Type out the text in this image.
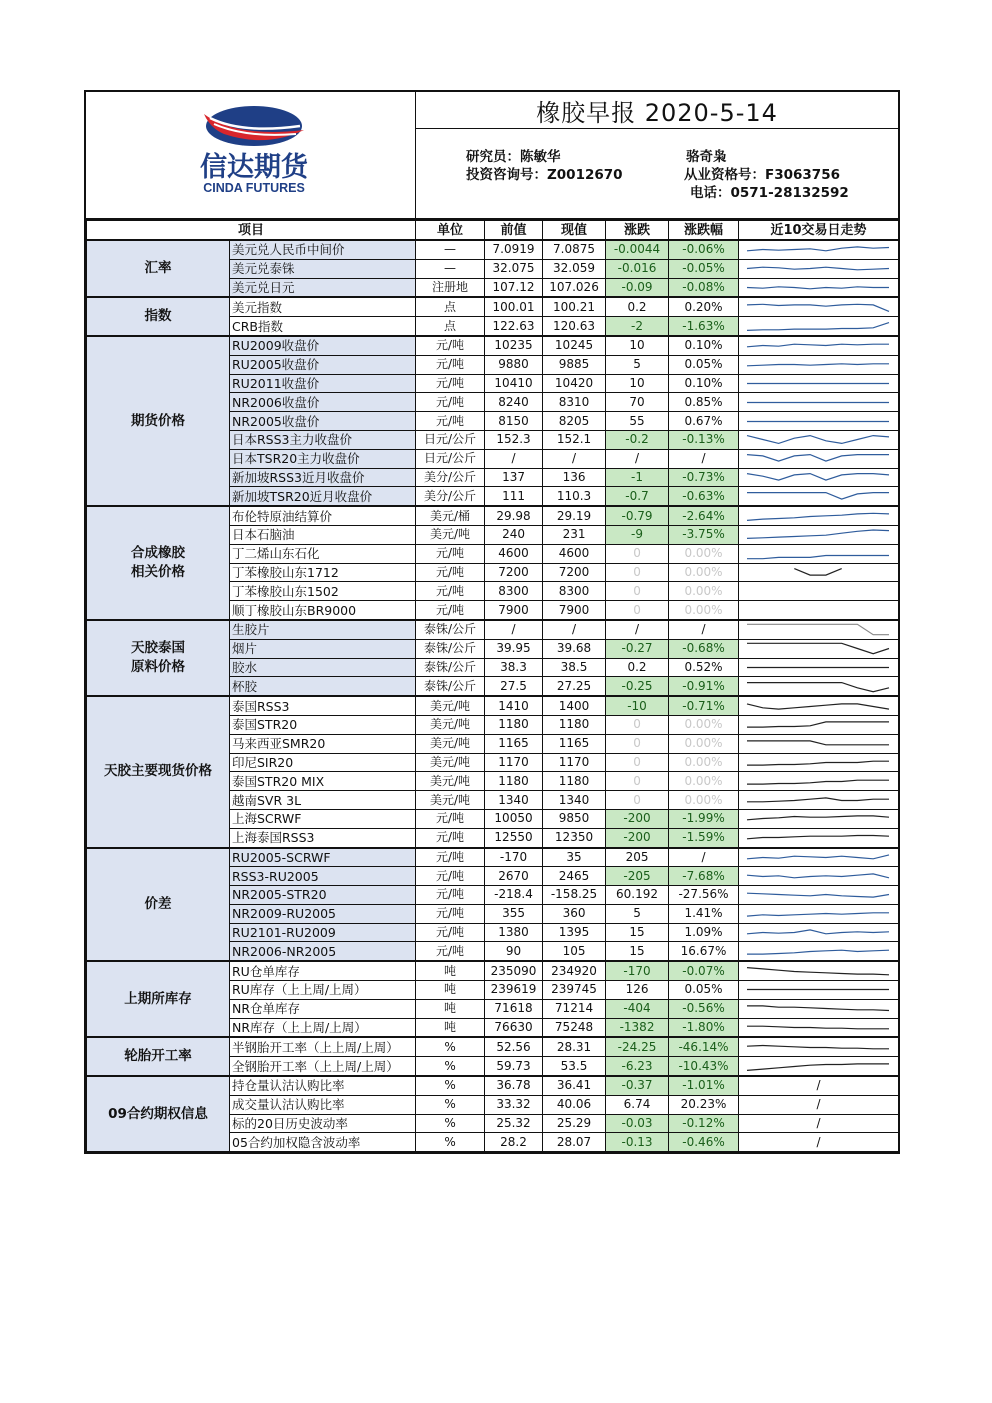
信达期货
CINDA FUTURES
橡胶早报 2020-5-14
研究员：陈敏华
投资咨询号：Z0012670
骆奇枭
从业资格号：F3063756
电话：0571-28132592
项目		单位	前值	现值	涨跌	涨跌幅	近10交易日走势
汇率	美元兑人民币中间价	—	7.0919	7.0875	-0.0044	-0.06%	

	美元兑泰铢	—	32.075	32.059	-0.016	-0.05%	

	美元兑日元	注册地	107.12	107.026	-0.09	-0.08%	

指数	美元指数	点	100.01	100.21	0.2	0.20%	

	CRB指数	点	122.63	120.63	-2	-1.63%	

期货价格	RU2009收盘价	元/吨	10235	10245	10	0.10%	

	RU2005收盘价	元/吨	9880	9885	5	0.05%	

	RU2011收盘价	元/吨	10410	10420	10	0.10%	

	NR2006收盘价	元/吨	8240	8310	70	0.85%	

	NR2005收盘价	元/吨	8150	8205	55	0.67%	

	日本RSS3主力收盘价	日元/公斤	152.3	152.1	-0.2	-0.13%	

	日本TSR20主力收盘价	日元/公斤	/	/	/	/	

	新加坡RSS3近月收盘价	美分/公斤	137	136	-1	-0.73%	

	新加坡TSR20近月收盘价	美分/公斤	111	110.3	-0.7	-0.63%	

合成橡胶
相关价格	布伦特原油结算价	美元/桶	29.98	29.19	-0.79	-2.64%	

	日本石脑油	美元/吨	240	231	-9	-3.75%	

	丁二烯山东石化	元/吨	4600	4600	0	0.00%	

	丁苯橡胶山东1712	元/吨	7200	7200	0	0.00%	

	丁苯橡胶山东1502	元/吨	8300	8300	0	0.00%	

	顺丁橡胶山东BR9000	元/吨	7900	7900	0	0.00%	

天胶泰国
原料价格	生胶片	泰铢/公斤	/	/	/	/	

	烟片	泰铢/公斤	39.95	39.68	-0.27	-0.68%	

	胶水	泰铢/公斤	38.3	38.5	0.2	0.52%	

	杯胶	泰铢/公斤	27.5	27.25	-0.25	-0.91%	

天胶主要现货价格	泰国RSS3	美元/吨	1410	1400	-10	-0.71%	

	泰国STR20	美元/吨	1180	1180	0	0.00%	

	马来西亚SMR20	美元/吨	1165	1165	0	0.00%	

	印尼SIR20	美元/吨	1170	1170	0	0.00%	

	泰国STR20 MIX	美元/吨	1180	1180	0	0.00%	

	越南SVR 3L	美元/吨	1340	1340	0	0.00%	

	上海SCRWF	元/吨	10050	9850	-200	-1.99%	

	上海泰国RSS3	元/吨	12550	12350	-200	-1.59%	

价差	RU2005-SCRWF	元/吨	-170	35	205	/	

	RSS3-RU2005	元/吨	2670	2465	-205	-7.68%	

	NR2005-STR20	元/吨	-218.4	-158.25	60.192	-27.56%	

	NR2009-RU2005	元/吨	355	360	5	1.41%	

	RU2101-RU2009	元/吨	1380	1395	15	1.09%	

	NR2006-NR2005	元/吨	90	105	15	16.67%	

上期所库存	RU仓单库存	吨	235090	234920	-170	-0.07%	

	RU库存（上上周/上周）	吨	239619	239745	126	0.05%	

	NR仓单库存	吨	71618	71214	-404	-0.56%	

	NR库存（上上周/上周）	吨	76630	75248	-1382	-1.80%	

轮胎开工率	半钢胎开工率（上上周/上周）	%	52.56	28.31	-24.25	-46.14%	

	全钢胎开工率（上上周/上周）	%	59.73	53.5	-6.23	-10.43%	

09合约期权信息	持仓量认沽认购比率	%	36.78	36.41	-0.37	-1.01%	/
	成交量认沽认购比率	%	33.32	40.06	6.74	20.23%	/
	标的20日历史波动率	%	25.32	25.29	-0.03	-0.12%	/
	05合约加权隐含波动率	%	28.2	28.07	-0.13	-0.46%	/
